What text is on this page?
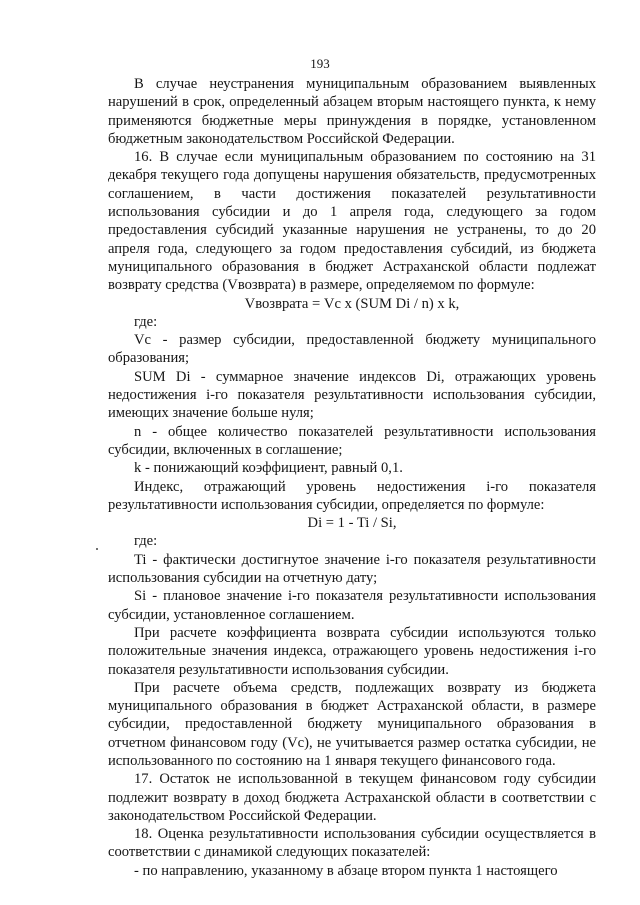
193

В случае неустранения муниципальным образованием выявленных нарушений в срок, определенный абзацем вторым настоящего пункта, к нему применяются бюджетные меры принуждения в порядке, установленном бюджетным законодательством Российской Федерации.

16. В случае если муниципальным образованием по состоянию на 31 декабря текущего года допущены нарушения обязательств, предусмотренных соглашением, в части достижения показателей результативности использования субсидии и до 1 апреля года, следующего за годом предоставления субсидий указанные нарушения не устранены, то до 20 апреля года, следующего за годом предоставления субсидий, из бюджета муниципального образования в бюджет Астраханской области подлежат возврату средства (Vвозврата) в размере, определяемом по формуле:

Vвозврата = Vc x (SUM Di / n) x k,

где:

Vc - размер субсидии, предоставленной бюджету муниципального образования;

SUM Di - суммарное значение индексов Di, отражающих уровень недостижения i-го показателя результативности использования субсидии, имеющих значение больше нуля;

n - общее количество показателей результативности использования субсидии, включенных в соглашение;

k - понижающий коэффициент, равный 0,1.

Индекс, отражающий уровень недостижения i-го показателя результативности использования субсидии, определяется по формуле:

Di = 1 - Ti / Si,

где:

Ti - фактически достигнутое значение i-го показателя результативности использования субсидии на отчетную дату;

Si - плановое значение i-го показателя результативности использования субсидии, установленное соглашением.

При расчете коэффициента возврата субсидии используются только положительные значения индекса, отражающего уровень недостижения i-го показателя результативности использования субсидии.

При расчете объема средств, подлежащих возврату из бюджета муниципального образования в бюджет Астраханской области, в размере субсидии, предоставленной бюджету муниципального образования в отчетном финансовом году (Vc), не учитывается размер остатка субсидии, не использованного по состоянию на 1 января текущего финансового года.

17. Остаток не использованной в текущем финансовом году субсидии подлежит возврату в доход бюджета Астраханской области в соответствии с законодательством Российской Федерации.

18. Оценка результативности использования субсидии осуществляется в соответствии с динамикой следующих показателей:

- по направлению, указанному в абзаце втором пункта 1 настоящего
